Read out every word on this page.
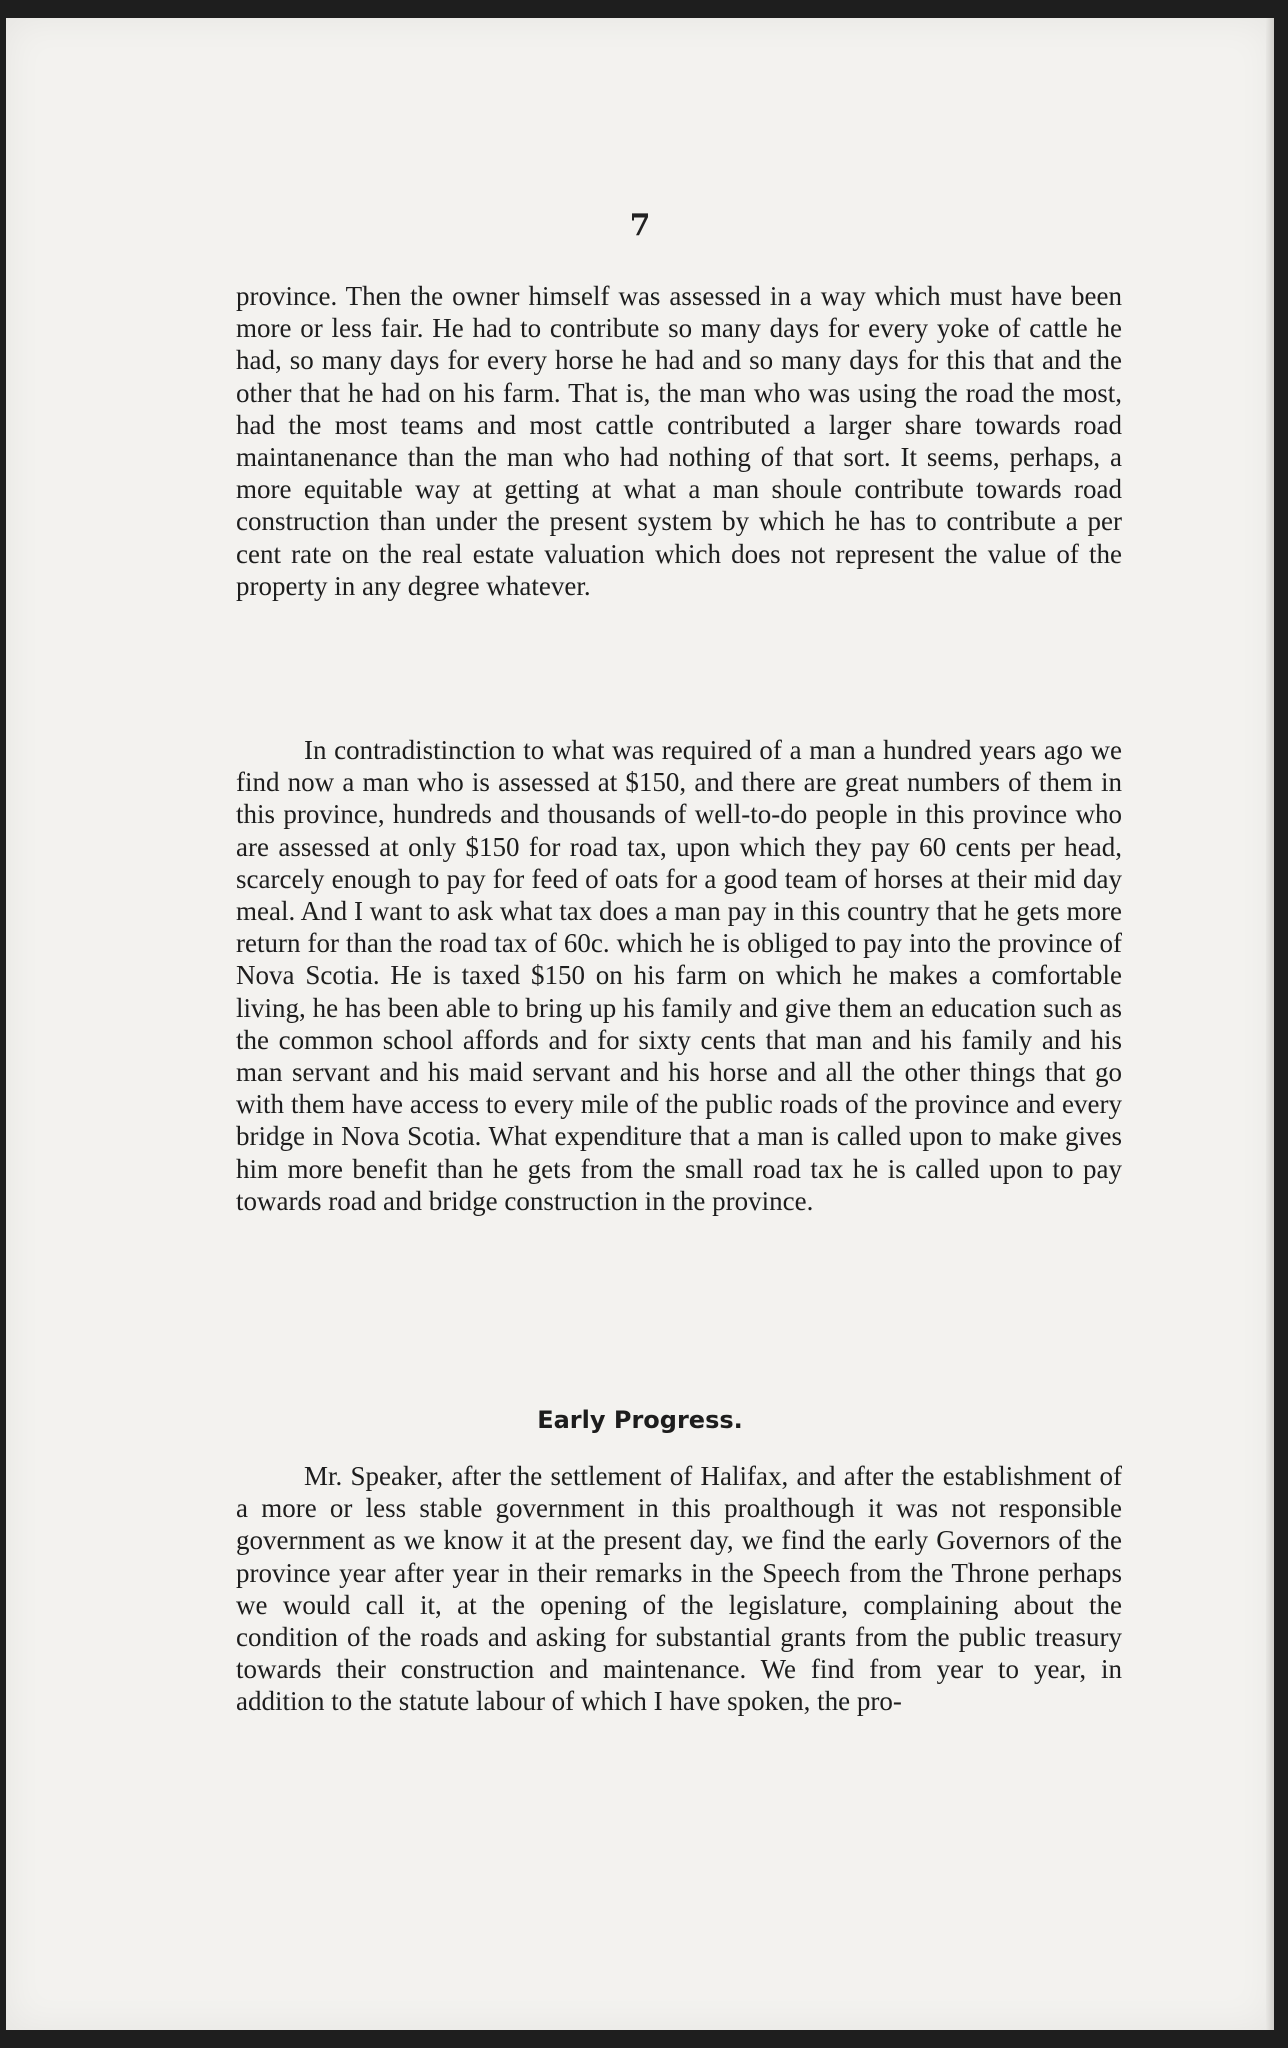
7

province. Then the owner himself was assessed in a way which must have been more or less fair. He had to contribute so many days for every yoke of cattle he had, so many days for every horse he had and so many days for this that and the other that he had on his farm. That is, the man who was using the road the most, had the most teams and most cattle contributed a larger share towards road maintanenance than the man who had nothing of that sort. It seems, perhaps, a more equitable way at getting at what a man shoule contribute towards road construction than under the present system by which he has to contribute a per cent rate on the real estate valuation which does not represent the value of the property in any degree whatever.

In contradistinction to what was required of a man a hundred years ago we find now a man who is assessed at $150, and there are great numbers of them in this province, hundreds and thousands of well-to-do people in this province who are assessed at only $150 for road tax, upon which they pay 60 cents per head, scarcely enough to pay for feed of oats for a good team of horses at their mid day meal. And I want to ask what tax does a man pay in this country that he gets more return for than the road tax of 60c. which he is obliged to pay into the province of Nova Scotia. He is taxed $150 on his farm on which he makes a comfortable living, he has been able to bring up his family and give them an education such as the common school affords and for sixty cents that man and his family and his man servant and his maid servant and his horse and all the other things that go with them have access to every mile of the public roads of the province and every bridge in Nova Scotia. What expenditure that a man is called upon to make gives him more benefit than he gets from the small road tax he is called upon to pay towards road and bridge construction in the province.

Early Progress.

Mr. Speaker, after the settlement of Halifax, and after the establishment of a more or less stable government in this proalthough it was not responsible government as we know it at the present day, we find the early Governors of the province year after year in their remarks in the Speech from the Throne perhaps we would call it, at the opening of the legislature, complaining about the condition of the roads and asking for substantial grants from the public treasury towards their construction and maintenance. We find from year to year, in addition to the statute labour of which I have spoken, the pro-
